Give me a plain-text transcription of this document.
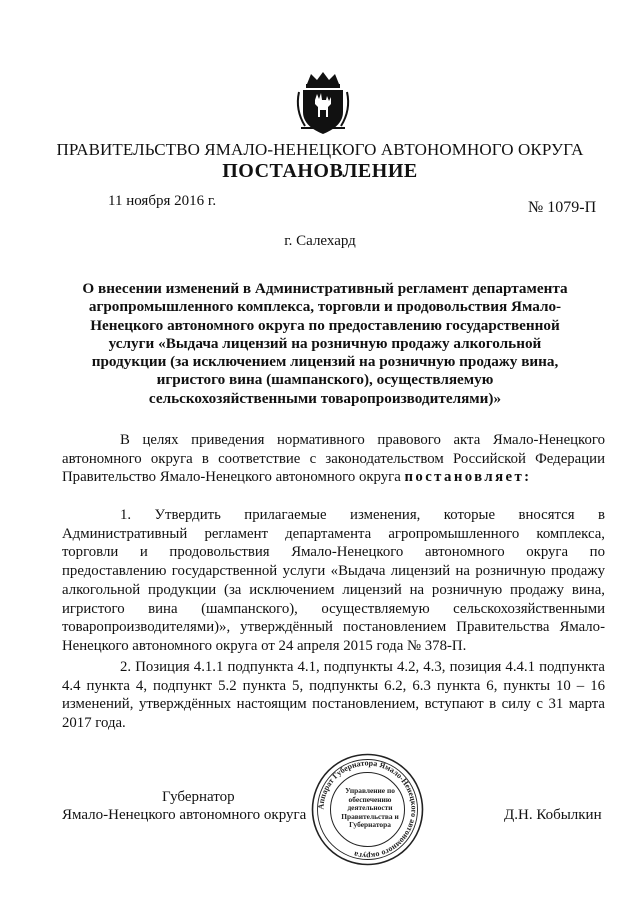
ПРАВИТЕЛЬСТВО ЯМАЛО-НЕНЕЦКОГО АВТОНОМНОГО ОКРУГА
ПОСТАНОВЛЕНИЕ
11 ноября 2016 г.	№ 1079-П
г. Салехард
О внесении изменений в Административный регламент департамента агропромышленного комплекса, торговли и продовольствия Ямало-Ненецкого автономного округа по предоставлению государственной услуги «Выдача лицензий на розничную продажу алкогольной продукции (за исключением лицензий на розничную продажу вина, игристого вина (шампанского), осуществляемую сельскохозяйственными товаропроизводителями)»
В целях приведения нормативного правового акта Ямало-Ненецкого автономного округа в соответствие с законодательством Российской Федерации Правительство Ямало-Ненецкого автономного округа постановляет:
1. Утвердить прилагаемые изменения, которые вносятся в Административный регламент департамента агропромышленного комплекса, торговли и продовольствия Ямало-Ненецкого автономного округа по предоставлению государственной услуги «Выдача лицензий на розничную продажу алкогольной продукции (за исключением лицензий на розничную продажу вина, игристого вина (шампанского), осуществляемую сельскохозяйственными товаропроизводителями)», утверждённый постановлением Правительства Ямало-Ненецкого автономного округа от 24 апреля 2015 года № 378-П.
2. Позиция 4.1.1 подпункта 4.1, подпункты 4.2, 4.3, позиция 4.4.1 подпункта 4.4 пункта 4, подпункт 5.2 пункта 5, подпункты 6.2, 6.3 пункта 6, пункты 10 – 16 изменений, утверждённых настоящим постановлением, вступают в силу с 31 марта 2017 года.
Губернатор
Ямало-Ненецкого автономного округа
Аппарат Губернатора Ямало-Ненецкого автономного округа
Управление по обеспечению деятельности Правительства и Губернатора
Д.Н. Кобылкин
